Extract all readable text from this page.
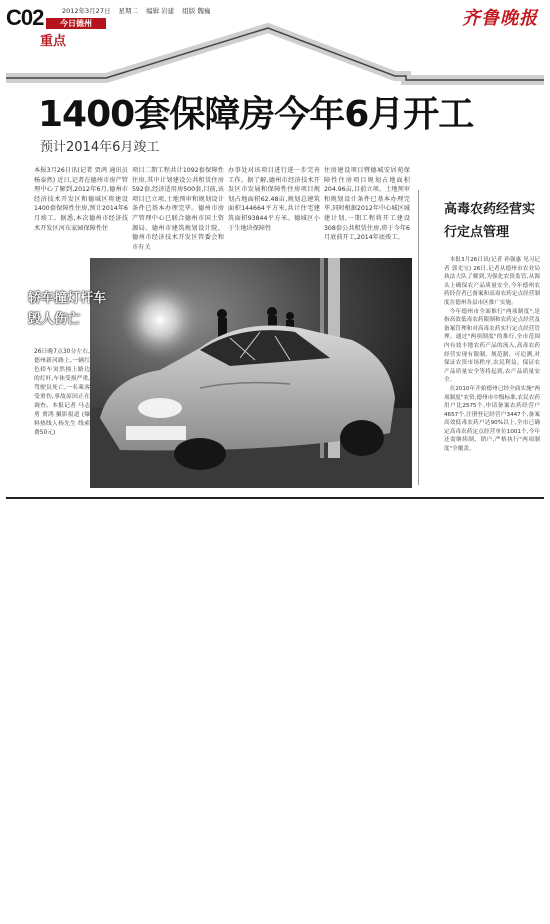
C02	2012年3月27日 星期二 编辑 岩建 组版 魏巍
今日德州
重点
齐鲁晚报
1400套保障房今年6月开工
预计2014年6月竣工
本报3月26日讯(记者 贾鸿 通讯员 杨泰然) 近日,记者在德州市房产管理中心了解到,2012年6月,德州市经济技术开发区和德城区将建设1400套保障性住房,预计2014年6月竣工。据悉,本次德州市经济技术开发区河东家园保障性住
项目二期工程共计1092套保障性住房,其中计划建设公共租赁住房592套,经济适用房500套,目前,该项目已立项,土地预审和规划设计条件已基本办理完毕。德州市房产管理中心已联合德州市国土资源局、德州市建筑规划设计院、德州市经济技术开发区管委会和市有关
办事处对该项目进行进一步完善工作。据了解,德州市经济技术开发区市发展和保障性住房项目规划占地面积62.48亩,规划总建筑面积144664平方米,共计住宅建筑面积93844平方米。德城区小于生地块保障性
住房建设项目暨德城安居苑保障性住房项目规划占地面积204.96亩,目前立项、土地预审和规划设计条件已基本办理完毕,同时根据2012年中心城区城建计划,一期工程将开工建设308套公共租赁住房,将于今年6月底前开工,2014年底竣工。
高毒农药经营实行定点管理

本报3月26日讯(记者 孙强惠 见习记者 郭光宝) 26日,记者从德州市农业局执法大队了解到,为强化农资监管,从源头上确保农产品质量安全,今年德州农药经营者已备案和高毒农药定点经营制度在德州各县市区推广实施。

今年德州市全面推行"两项制度",是指高效低毒农药限制和农药定点经营及备案管理和对高毒农药实行定点经营管理。通过"两项制度"的推行,全市范围内有效丰地农药产品的流入,高毒农药经营实现有限制、规范制、可追溯,对保证农资市场秩序,农民利益。保证农产品质量安全等将起到,农产品质量安全。

在2010年开始德州已经全面实施"两项制度"农资,德州市中级标准,农民农药用户比2575个,申请备案农药经营户4657个,注册登记经营户3447个,备案高效低毒农药户达90%以上,全市已确定高毒农药定点经营单位1001个,今年还需继续制、销户,严格执行"两项制度"全覆盖。

轿车撞灯杆车毁人伤亡
26日晚7点30分左右,德州新河路上,一辆红色轿车突然撞上路边的灯杆,车体受损严重,驾驶员死亡,一名乘客受重伤,事故原因正在调查。本报记者 马志勇 贾鸿 摄影报道 (爆料热线人杨先生 线索费50元)
